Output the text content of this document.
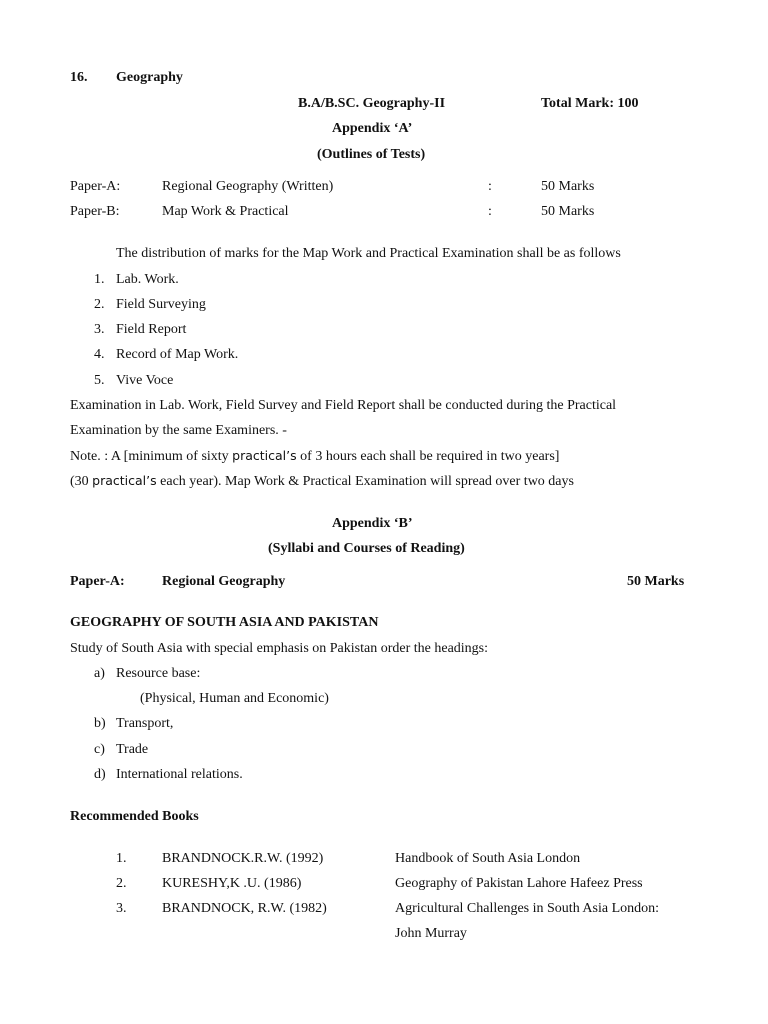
16. Geography
B.A/B.SC. Geography-II	Total Mark: 100
Appendix ‘A’
(Outlines of Tests)
Paper-A:	Regional Geography (Written)	:	50 Marks
Paper-B:	Map Work & Practical	:	50 Marks
The distribution of marks for the Map Work and Practical Examination shall be as follows
1. Lab. Work.
2. Field Surveying
3. Field Report
4. Record of Map Work.
5. Vive Voce
Examination in Lab. Work, Field Survey and Field Report shall be conducted during the Practical
Examination by the same Examiners. -
Note. : A [minimum of sixty practical’s of 3 hours each shall be required in two years]
(30 practical’s each year). Map Work & Practical Examination will spread over two days
Appendix ‘B’
(Syllabi and Courses of Reading)
Paper-A:	Regional Geography	50 Marks
GEOGRAPHY OF SOUTH ASIA AND PAKISTAN
Study of South Asia with special emphasis on Pakistan order the headings:
a) Resource base:
(Physical, Human and Economic)
b) Transport,
c) Trade
d) International relations.
Recommended Books
1.	BRANDNOCK.R.W. (1992)	Handbook of South Asia London
2.	KURESHY,K .U. (1986)	Geography of Pakistan Lahore Hafeez Press
3.	BRANDNOCK, R.W. (1982)	Agricultural Challenges in South Asia London:
John Murray
